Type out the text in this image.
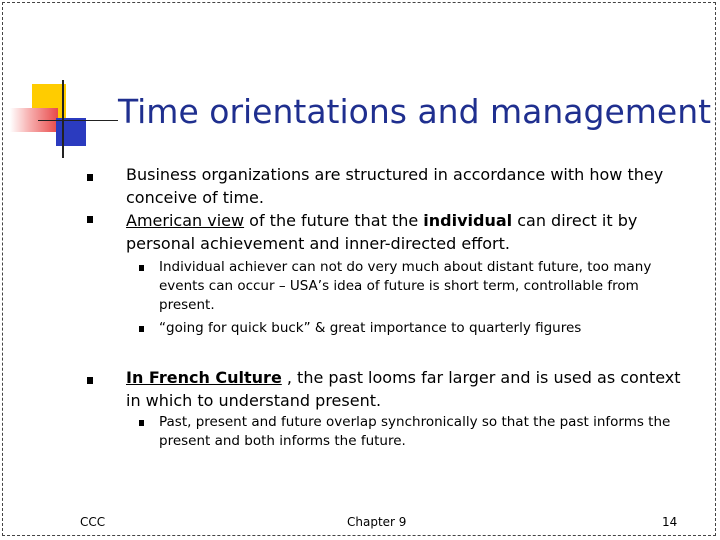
Time orientations and management
Business organizations are structured in accordance with how they
conceive of time.
American view of the future that the individual can direct it by
personal achievement and inner-directed effort.
Individual achiever can not do very much about distant future, too many
events can occur – USA’s idea of future is short term, controllable from
present.
“going for quick buck” & great importance to quarterly figures
In French Culture , the past looms far larger and is used as context
in which to understand present.
Past, present and future overlap synchronically so that the past informs the
present and both informs the future.
CCC	Chapter 9	14
